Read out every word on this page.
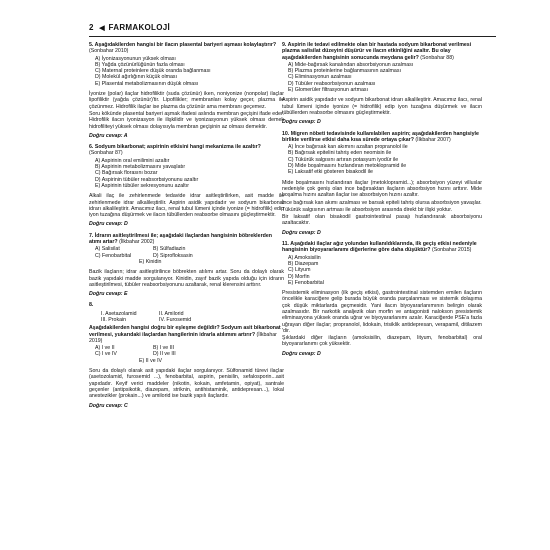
2 ◀ FARMAKOLOJİ
5. Aşağıdakilerden hangisi bir ilacın plasental bariyeri aşması kolaylaştırır? (Sonbahar 2010)
A) İyonizasyonunun yüksek olması
B) Yağda çözünürlüğünün fazla olması
C) Maternal proteinlere düşük oranda bağlanması
D) Molekül ağırlığının küçük olması
E) Plasental metabolizmasının düşük olması
İyonize (polar) ilaçlar hidrofiliktir (suda çözünür) iken, noniyonize (nonpolar) ilaçlar lipofiliktir (yağda çözünür)'tir. Lipofilikler; membranları kolay geçer, plazma ile çözünmez. Hidrofilik ilaçlar ise plazma da çözünür ama membranı geçemez.
Soru kökünde plasental bariyeri aşmak ifadesi aslında membran geçişini ifade eder. Hidrofilik ilacın iyonizasyon ile ilişkilidir ve iyonizasyonun yüksek olması demek hidrofiliteyi yüksek olması dolayısıyla membran geçişinin az olması demektir.
Doğru cevap: A
6. Sodyum bikarbonat; aspirinin etkisini hangi mekanizma ile azaltır? (Sonbahar 87)
A) Aspirinin oral emilimini azaltır
B) Aspirinin metabolizmasını yavaşlatır
C) Bağırsak florasını bozar
D) Aspirinin tübüler reabsorbsiyonunu azaltır
E) Aspirinin tübüler sekresyonunu azaltır
Alkali ilaç ile zehirlenmede tedavide idrar asitleştirilirken, asit madde ile zehirlenmede idrar alkalileştirilir. Aspirin asidik yapıdadır ve sodyum bikarbonat idrarı alkalileştirir. Amacımız ilacı, renal tubul lümeni içinde iyonize (= hidrofilik) edip iyon tuzağına düşürmek ve ilacın tübüllerden reabsorbe olmasını güçleştirmektir.
Doğru cevap: D
7. İdrarın asitleştirilmesi ile; aşağıdaki ilaçlardan hangisinin böbreklerden atımı artar? (İlkbahar 2002)
A) Salisilat	B) Sülfadiazin
C) Fenobarbital	D) Siprofloksasin
E) Kinidin
Bazik ilaçların; idrar asitleştirilince böbrekten atılımı artar. Soru da dolaylı olarak bazik yapıdaki madde sorgulanıyor. Kinidin, zayıf bazik yapıda olduğu için idrarın asitleştirilmesi, tübüler reabsorbsiyonunu azaltarak, renal klerensini arttırır.
Doğru cevap: E
8.
I. Asetazolamid	II. Amilorid
III. Prokain	IV. Furosemid
Aşağıdakilerden hangisi doğru bir eşleşme değildir? Sodyum asit bikarbonat verilmesi, yukarıdaki ilaçlardan hangilerinin idrarla atılımını artırır? (İlkbahar 2019)
A) I ve II	B) I ve III
C) I ve IV	D) II ve III
E) II ve IV
Soru da dolaylı olarak asit yapıdaki ilaçlar sorgulanıyor. Sülfonamid türevi ilaçlar (asetozolamid, furosemid ...), fenobarbital, aspirin, penisilin, sefalosporin...asit yapıdadır. Keyif verici maddeler (nikotin, kokain, amfetamin, opiyat), santrale geçenler (antipsikotik, diazepam, striknin, antihistaminik, antidepresan...), lokal anestezikler (prokain...) ve amilorid ise bazik yapılı ilaçlardır.
Doğru cevap: C
9. Aspirin ile tedavi edilmekte olan bir hastada sodyum bikarbonat verilmesi plazma salisilat düzeyini düşürür ve ilacın etkinliğini azaltır. Bu olay aşağıdakilerden hangisinin sonucunda meydana gelir? (Sonbahar 88)
A) Mide-bağırsak kanalından absorbsiyonun azalması
B) Plazma proteinlerine bağlanmasının azalması
C) Eliminasyonun azalması
D) Tübüler reabsorbsiyonun azalması
E) Glomerüler filtrasyonun artması
Aspirin asidik yapıdadır ve sodyum bikarbonat idrarı alkalileştirir. Amacımız ilacı, renal tubul lümeni içinde iyonize (= hidrofilik) edip iyon tuzağına düşürmek ve ilacın tübüllerden reabsorbe olmasını güçleştirmektir.
Doğru cevap: D
10. Migren nöbeti tedavisinde kullanılabilen aspirin; aşağıdakilerden hangisiyle birlikte verilirse etkisi daha kısa sürede ortaya çıkar? (İlkbahar 2007)
A) İnce bağırsak kan akımını azaltan propranolol ile
B) Bağırsak epitelini tahriş eden neomisin ile
C) Tükürük salgısını artıran potasyum iyodür ile
D) Mide boşalmasını hızlandıran metoklopramid ile
E) Laksatif etki gösteren bisakodil ile
Mide boşalmasını hızlandıran ilaçlar (metoklopramid...); absorbsiyon yüzeyi villuslar nedeniyle çok geniş olan ince bağırsaktan ilaçların absorbsiyon hızını arttırır. Mide boşalma hızını azaltan ilaçlar ise absorbsiyon hızını azaltır.
İnce bağırsak kan akımı azalması ve barsak epiteli tahriş olursa absorbsiyon yavaşlar.
Tükürük salgısının artması ile absorbsiyon arasında direkt bir ilişki yoktur.
Bir laksatif olan bisakodil gastrointestinal pasajı hızlandırarak absorbsiyonu azaltacaktır.
Doğru cevap: D
11. Aşağıdaki ilaçlar ağız yolundan kullanıldıklarında, ilk geçiş etkisi nedeniyle hangisinin biyoyararlanımı diğerlerine göre daha düşüktür? (Sonbahar 2015)
A) Amoksisilin
B) Diazepam
C) Lityum
D) Morfin
E) Fenobarbital
Presistemik eliminasyon (ilk geçiş etkisi), gastrointestinal sistemden emilen ilaçların öncelikle karaciğere gelip burada büyük oranda parçalanması ve sistemik dolaşıma çok düşük miktarlarda geçmesidir. Yani ilacın biyoyararlanımının belirgin olarak azalmasıdır. Bir narkotik analjezik olan morfin ve antagonisti nalokson presistemik eliminasyona yüksek oranda uğrar ve biyoyararlanımı azalır. Karaciğerde PSE'a fazla uğrayan diğer ilaçlar; propranolol, lidokain, trisiklik antidepresan, verapamil, ditilazem 'dir.
Şıklardaki diğer ilaçların (amoksisilin, diazepam, lityum, fenobarbital) oral biyoyararlanımı çok yüksektir.
Doğru cevap: D
